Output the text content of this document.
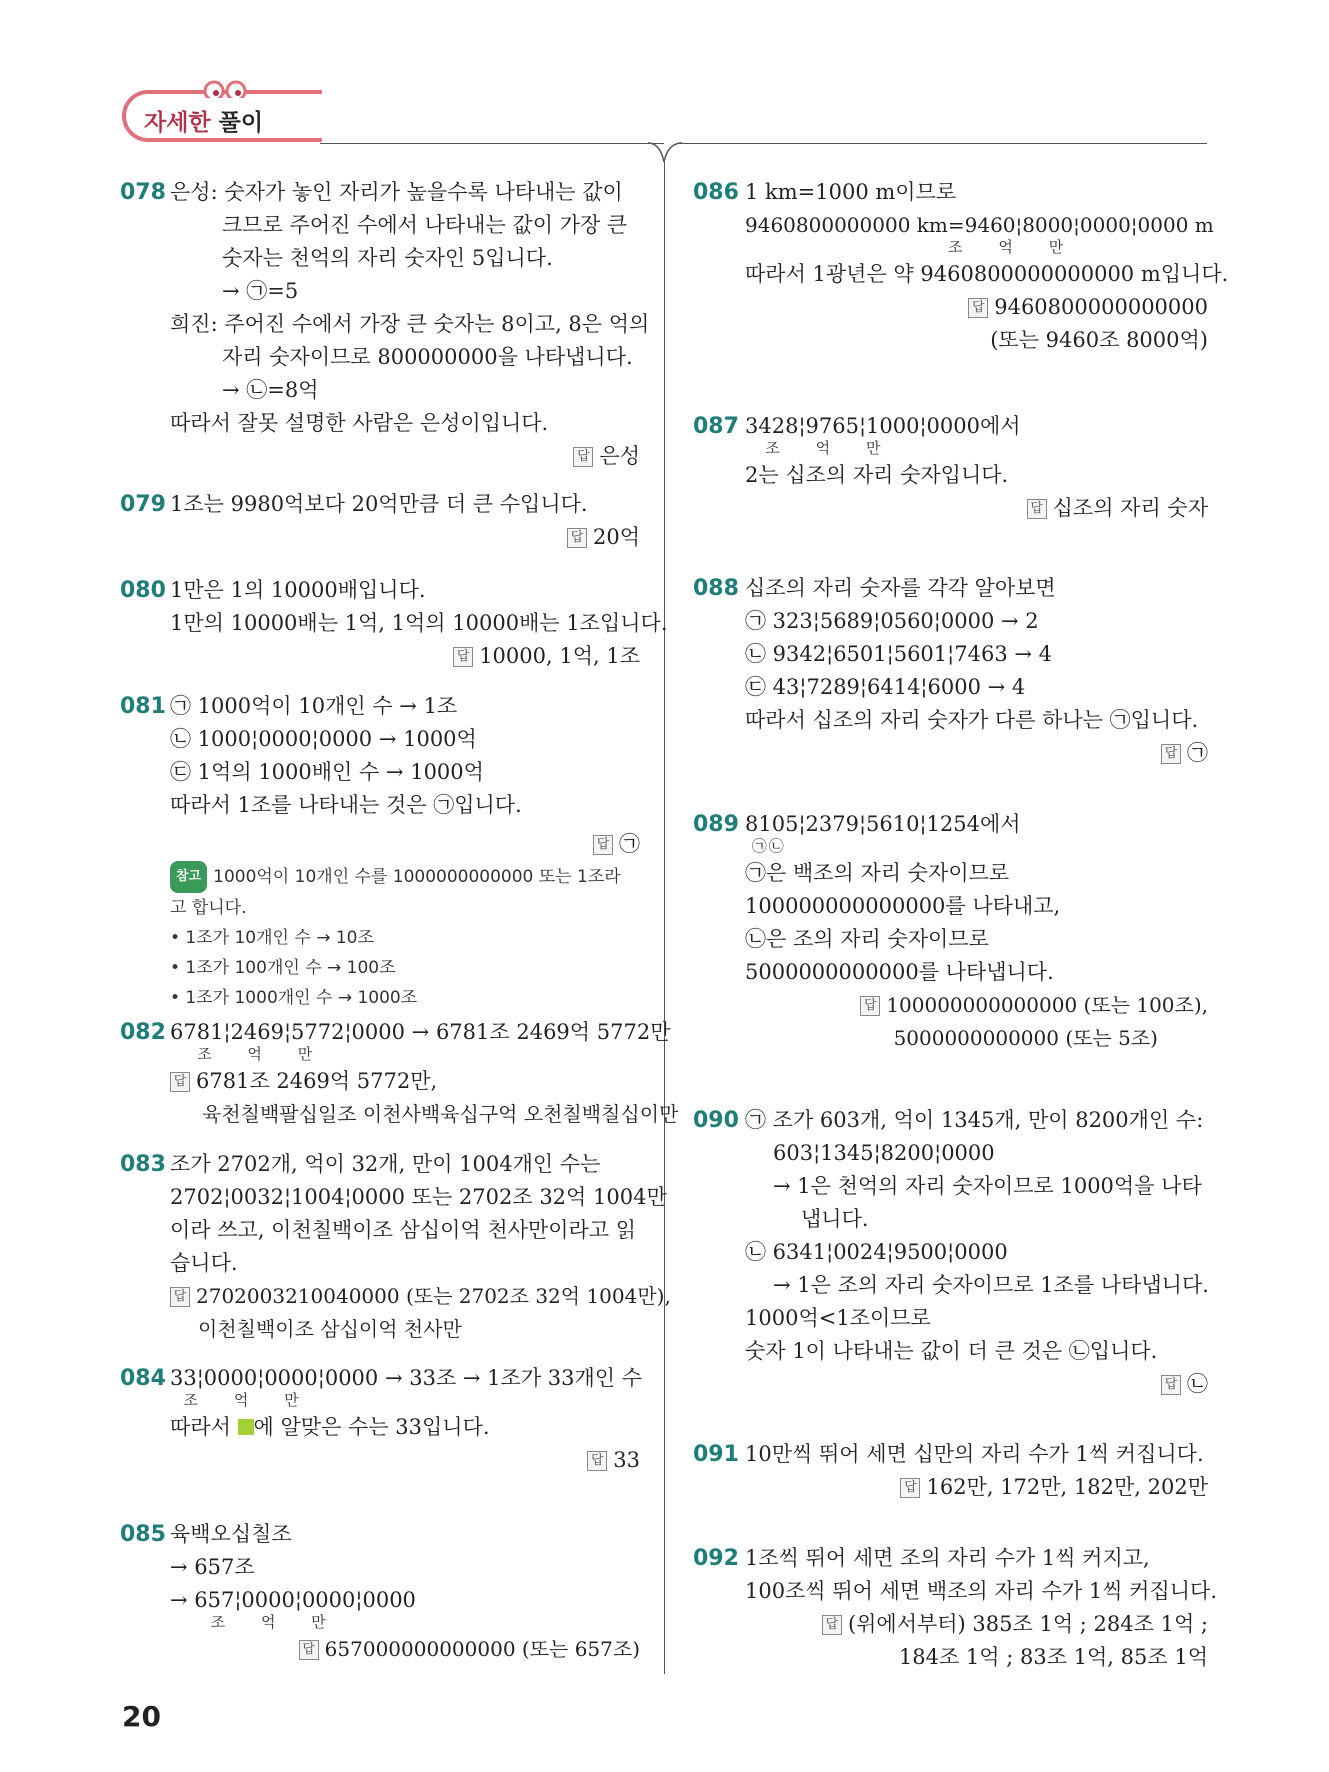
자세한 풀이
078 은성: 숫자가 놓인 자리가 높을수록 나타내는 값이
크므로 주어진 수에서 나타내는 값이 가장 큰
숫자는 천억의 자리 숫자인 5입니다.
→ ㉠=5
희진: 주어진 수에서 가장 큰 숫자는 8이고, 8은 억의
자리 숫자이므로 800000000을 나타냅니다.
→ ㉡=8억
따라서 잘못 설명한 사람은 은성이입니다.
답 은성
079 1조는 9980억보다 20억만큼 더 큰 수입니다.
답 20억
080 1만은 1의 10000배입니다.
1만의 10000배는 1억, 1억의 10000배는 1조입니다.
답 10000, 1억, 1조
081 ㉠ 1000억이 10개인 수 → 1조
㉡ 1000¦0000¦0000 → 1000억
㉢ 1억의 1000배인 수 → 1000억
따라서 1조를 나타내는 것은 ㉠입니다.
답 ㉠
참고 1000억이 10개인 수를 1000000000000 또는 1조라
고 합니다.
• 1조가 10개인 수 → 10조
• 1조가 100개인 수 → 100조
• 1조가 1000개인 수 → 1000조
082 6781¦2469¦5772¦0000 → 6781조 2469억 5772만
조     억     만
답 6781조 2469억 5772만,
육천칠백팔십일조 이천사백육십구억 오천칠백칠십이만
083 조가 2702개, 억이 32개, 만이 1004개인 수는
2702¦0032¦1004¦0000 또는 2702조 32억 1004만
이라 쓰고, 이천칠백이조 삼십이억 천사만이라고 읽
습니다.
답 2702003210040000 (또는 2702조 32억 1004만),
이천칠백이조 삼십이억 천사만
084 33¦0000¦0000¦0000 → 33조 → 1조가 33개인 수
조     억     만
따라서 에 알맞은 수는 33입니다.
답 33
085 육백오십칠조
→ 657조
→ 657¦0000¦0000¦0000
조     억     만
답 657000000000000 (또는 657조)
086 1 km=1000 m이므로
9460800000000 km=9460¦8000¦0000¦0000 m
조     억     만
따라서 1광년은 약 9460800000000000 m입니다.
답 9460800000000000
(또는 9460조 8000억)
087 3428¦9765¦1000¦0000에서
조     억     만
2는 십조의 자리 숫자입니다.
답 십조의 자리 숫자
088 십조의 자리 숫자를 각각 알아보면
㉠ 323¦5689¦0560¦0000 → 2
㉡ 9342¦6501¦5601¦7463 → 4
㉢ 43¦7289¦6414¦6000 → 4
따라서 십조의 자리 숫자가 다른 하나는 ㉠입니다.
답 ㉠
089 8105¦2379¦5610¦1254에서
㉠㉡
㉠은 백조의 자리 숫자이므로
100000000000000를 나타내고,
㉡은 조의 자리 숫자이므로
5000000000000를 나타냅니다.
답 100000000000000 (또는 100조),
5000000000000 (또는 5조)
090 ㉠ 조가 603개, 억이 1345개, 만이 8200개인 수:
603¦1345¦8200¦0000
→ 1은 천억의 자리 숫자이므로 1000억을 나타
냅니다.
㉡ 6341¦0024¦9500¦0000
→ 1은 조의 자리 숫자이므로 1조를 나타냅니다.
1000억<1조이므로
숫자 1이 나타내는 값이 더 큰 것은 ㉡입니다.
답 ㉡
091 10만씩 뛰어 세면 십만의 자리 수가 1씩 커집니다.
답 162만, 172만, 182만, 202만
092 1조씩 뛰어 세면 조의 자리 수가 1씩 커지고,
100조씩 뛰어 세면 백조의 자리 수가 1씩 커집니다.
답 (위에서부터) 385조 1억 ; 284조 1억 ;
184조 1억 ; 83조 1억, 85조 1억
20
